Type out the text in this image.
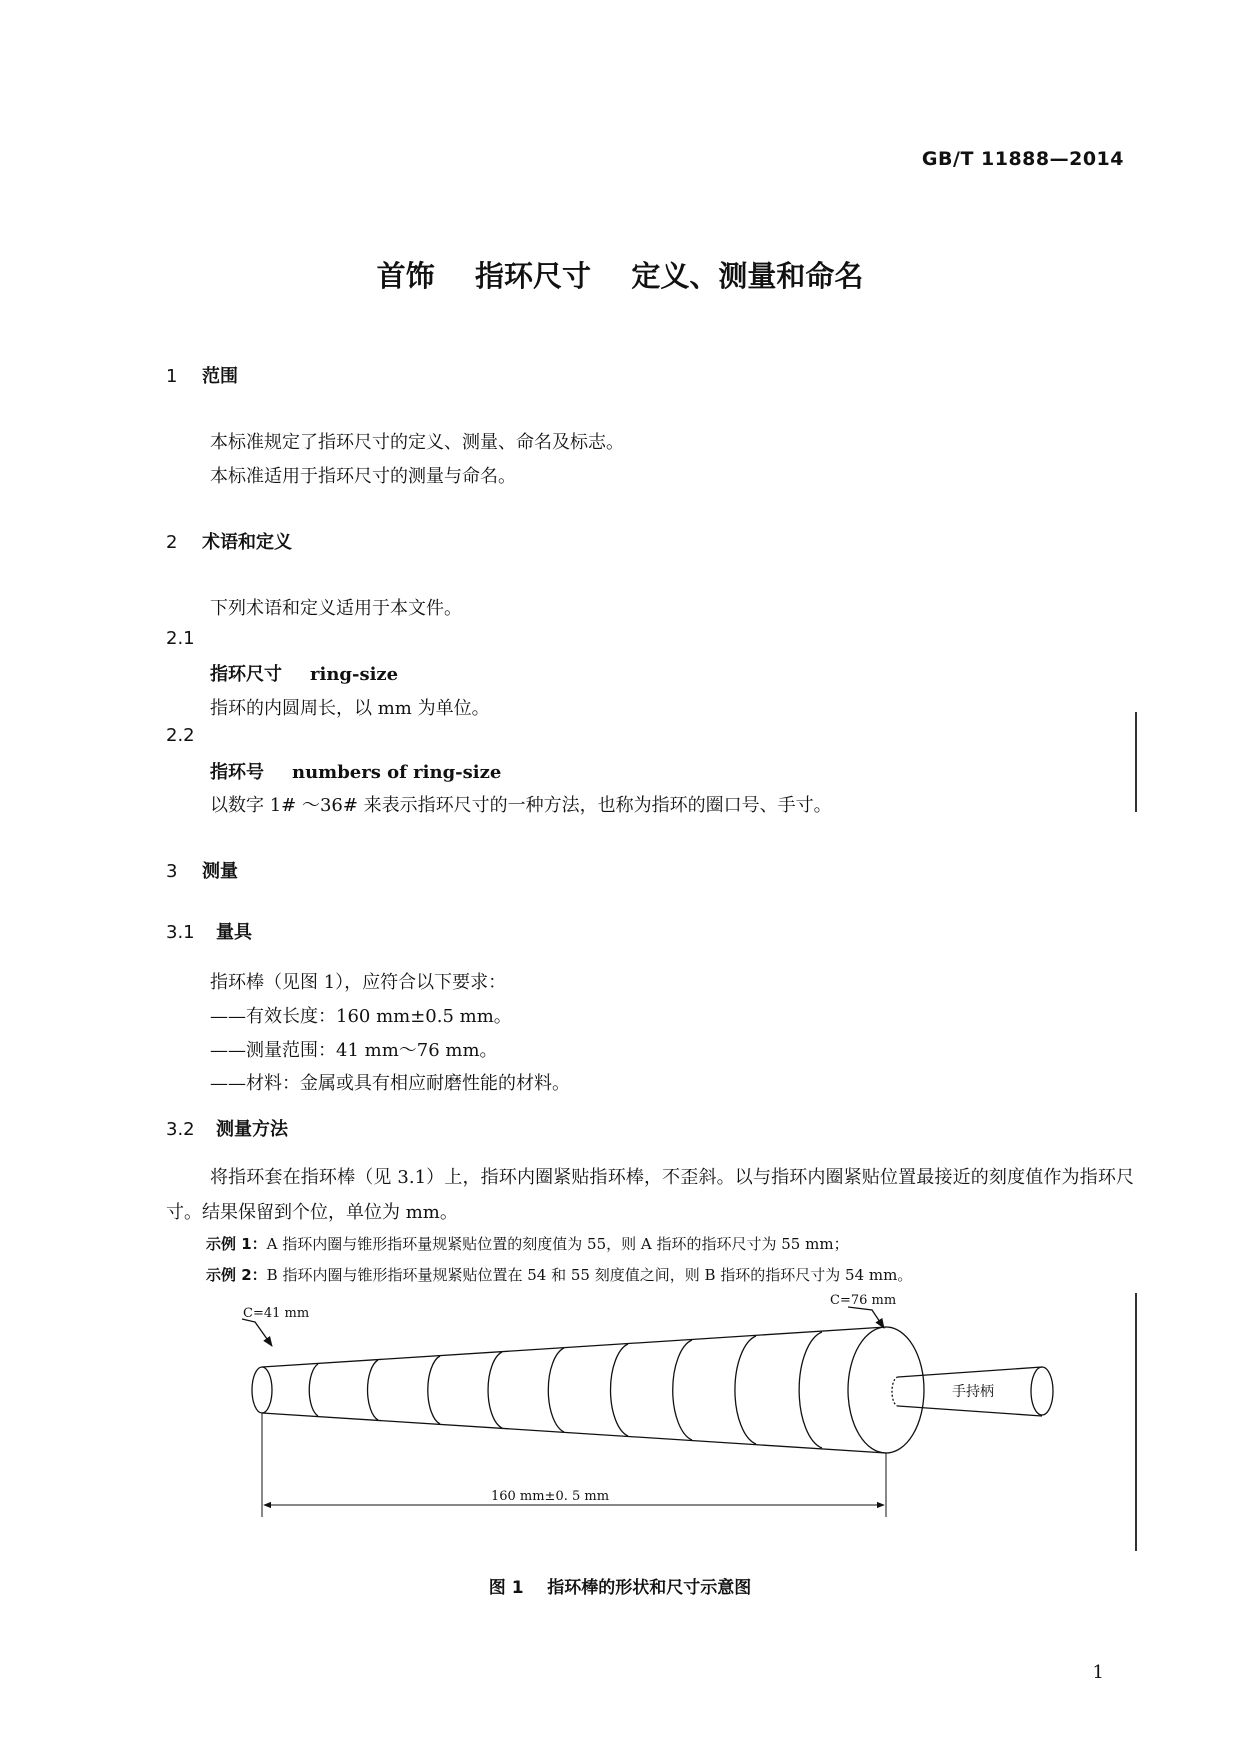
GB/T 11888—2014
首饰    指环尺寸    定义、测量和命名
1 范围
本标准规定了指环尺寸的定义、测量、命名及标志。
本标准适用于指环尺寸的测量与命名。
2 术语和定义
下列术语和定义适用于本文件。
2.1
指环尺寸 ring-size
指环的内圆周长，以 mm 为单位。
2.2
指环号 numbers of ring-size
以数字 1# ～36# 来表示指环尺寸的一种方法，也称为指环的圈口号、手寸。
3 测量
3.1 量具
指环棒（见图 1），应符合以下要求：
——有效长度：160 mm±0.5 mm。
——测量范围：41 mm～76 mm。
——材料：金属或具有相应耐磨性能的材料。
3.2 测量方法
将指环套在指环棒（见 3.1）上，指环内圈紧贴指环棒，不歪斜。以与指环内圈紧贴位置最接近的刻度值作为指环尺寸。结果保留到个位，单位为 mm。
示例 1：A 指环内圈与锥形指环量规紧贴位置的刻度值为 55，则 A 指环的指环尺寸为 55 mm；
示例 2：B 指环内圈与锥形指环量规紧贴位置在 54 和 55 刻度值之间，则 B 指环的指环尺寸为 54 mm。
C=41 mm
C=76 mm
手持柄
160 mm±0. 5 mm
图 1    指环棒的形状和尺寸示意图
1
